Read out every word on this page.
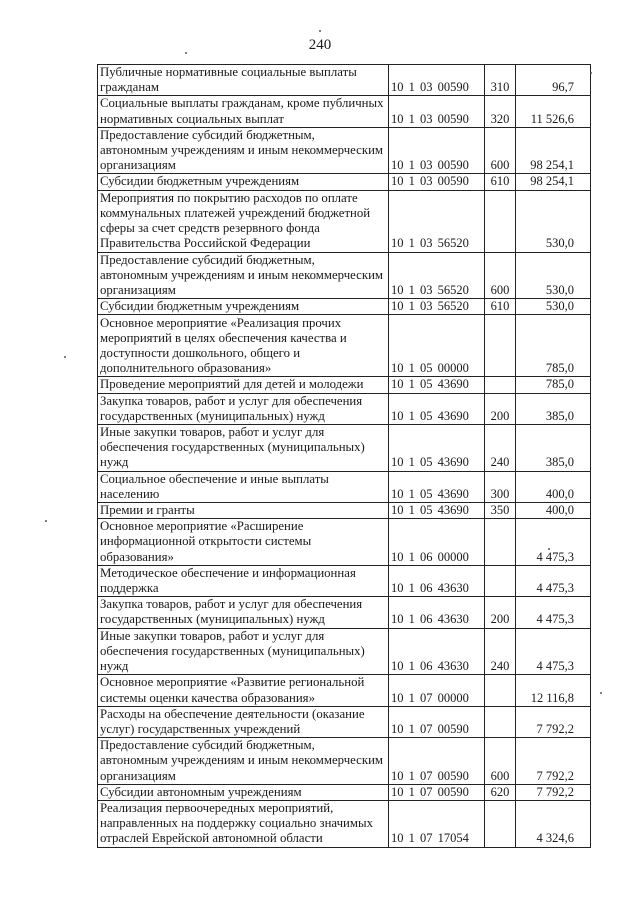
240
Публичные нормативные социальные выплаты гражданам	10 1 03 00590	310	96,7
Социальные выплаты гражданам, кроме публичных нормативных социальных выплат	10 1 03 00590	320	11 526,6
Предоставление субсидий бюджетным, автономным учреждениям и иным некоммерческим организациям	10 1 03 00590	600	98 254,1
Субсидии бюджетным учреждениям	10 1 03 00590	610	98 254,1
Мероприятия по покрытию расходов по оплате коммунальных платежей учреждений бюджетной сферы за счет средств резервного фонда Правительства Российской Федерации	10 1 03 56520		530,0
Предоставление субсидий бюджетным, автономным учреждениям и иным некоммерческим организациям	10 1 03 56520	600	530,0
Субсидии бюджетным учреждениям	10 1 03 56520	610	530,0
Основное мероприятие «Реализация прочих мероприятий в целях обеспечения качества и доступности дошкольного, общего и дополнительного образования»	10 1 05 00000		785,0
Проведение мероприятий для детей и молодежи	10 1 05 43690		785,0
Закупка товаров, работ и услуг для обеспечения государственных (муниципальных) нужд	10 1 05 43690	200	385,0
Иные закупки товаров, работ и услуг для обеспечения государственных (муниципальных) нужд	10 1 05 43690	240	385,0
Социальное обеспечение и иные выплаты населению	10 1 05 43690	300	400,0
Премии и гранты	10 1 05 43690	350	400,0
Основное мероприятие «Расширение информационной открытости системы образования»	10 1 06 00000		4 475,3
Методическое обеспечение и информационная поддержка	10 1 06 43630		4 475,3
Закупка товаров, работ и услуг для обеспечения государственных (муниципальных) нужд	10 1 06 43630	200	4 475,3
Иные закупки товаров, работ и услуг для обеспечения государственных (муниципальных) нужд	10 1 06 43630	240	4 475,3
Основное мероприятие «Развитие региональной системы оценки качества образования»	10 1 07 00000		12 116,8
Расходы на обеспечение деятельности (оказание услуг) государственных учреждений	10 1 07 00590		7 792,2
Предоставление субсидий бюджетным, автономным учреждениям и иным некоммерческим организациям	10 1 07 00590	600	7 792,2
Субсидии автономным учреждениям	10 1 07 00590	620	7 792,2
Реализация первоочередных мероприятий, направленных на поддержку социально значимых отраслей Еврейской автономной области	10 1 07 17054		4 324,6
